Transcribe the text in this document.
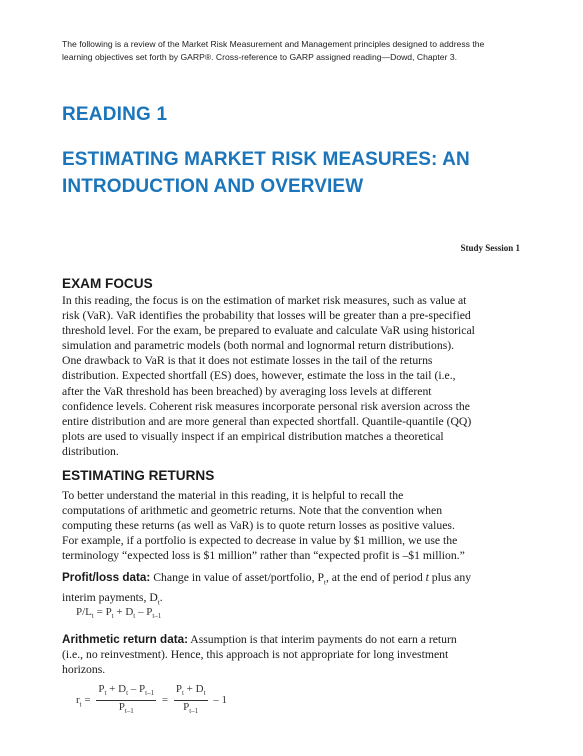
The following is a review of the Market Risk Measurement and Management principles designed to address the
learning objectives set forth by GARP®. Cross-reference to GARP assigned reading—Dowd, Chapter 3.
READING 1
ESTIMATING MARKET RISK MEASURES: AN
INTRODUCTION AND OVERVIEW
Study Session 1
EXAM FOCUS

In this reading, the focus is on the estimation of market risk measures, such as value at

risk (VaR). VaR identifies the probability that losses will be greater than a pre-specified

threshold level. For the exam, be prepared to evaluate and calculate VaR using historical

simulation and parametric models (both normal and lognormal return distributions).

One drawback to VaR is that it does not estimate losses in the tail of the returns

distribution. Expected shortfall (ES) does, however, estimate the loss in the tail (i.e.,

after the VaR threshold has been breached) by averaging loss levels at different

confidence levels. Coherent risk measures incorporate personal risk aversion across the

entire distribution and are more general than expected shortfall. Quantile-quantile (QQ)

plots are used to visually inspect if an empirical distribution matches a theoretical

distribution.

ESTIMATING RETURNS

To better understand the material in this reading, it is helpful to recall the

computations of arithmetic and geometric returns. Note that the convention when

computing these returns (as well as VaR) is to quote return losses as positive values.

For example, if a portfolio is expected to decrease in value by $1 million, we use the

terminology “expected loss is $1 million” rather than “expected profit is –$1 million.”

Profit/loss data: Change in value of asset/portfolio, $P_t$, at the end of period t plus any

interim payments, $D_t$.

$P/L_t = P_t + D_t - P_{t-1}$

Arithmetic return data: Assumption is that interim payments do not earn a return

(i.e., no reinvestment). Hence, this approach is not appropriate for long investment

horizons.

$r_t = \frac{P_t + D_t - P_{t-1}}{P_{t-1}} = \frac{P_t + D_t}{P_{t-1}} - 1$
